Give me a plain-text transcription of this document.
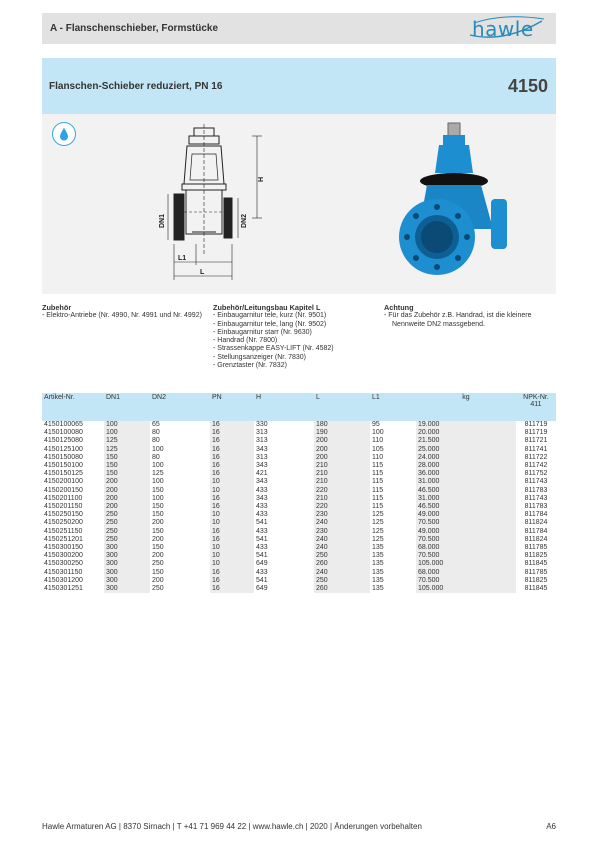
A - Flanschenschieber, Formstücke	hawle
Flanschen-Schieber reduziert, PN 16	4150
H
DN1	DN2
L1
L
Zubehör
- Elektro-Antriebe (Nr. 4990, Nr. 4991 und Nr. 4992)
Zubehör/Leitungsbau Kapitel L
- Einbaugarnitur tele, kurz (Nr. 9501)
- Einbaugarnitur tele, lang (Nr. 9502)
- Einbaugarnitur starr (Nr. 9630)
- Handrad (Nr. 7800)
- Strassenkappe EASY-LIFT (Nr. 4582)
- Stellungsanzeiger (Nr. 7830)
- Grenztaster (Nr. 7832)
Achtung
- Für das Zubehör z.B. Handrad, ist die kleinere Nennweite DN2 massgebend.
Artikel-Nr.	DN1	DN2	PN	H	L	L1	kg	NPK-Nr. 411
4150100065	100	65	16	330	180	95	19.000	811719
4150100080	100	80	16	313	190	100	20.000	811719
4150125080	125	80	16	313	200	110	21.500	811721
4150125100	125	100	16	343	200	105	25.000	811741
4150150080	150	80	16	313	200	110	24.000	811722
4150150100	150	100	16	343	210	115	28.000	811742
4150150125	150	125	16	421	210	115	36.000	811752
4150200100	200	100	10	343	210	115	31.000	811743
4150200150	200	150	10	433	220	115	46.500	811783
4150201100	200	100	16	343	210	115	31.000	811743
4150201150	200	150	16	433	220	115	46.500	811783
4150250150	250	150	10	433	230	125	49.000	811784
4150250200	250	200	10	541	240	125	70.500	811824
4150251150	250	150	16	433	230	125	49.000	811784
4150251201	250	200	16	541	240	125	70.500	811824
4150300150	300	150	10	433	240	135	68.000	811785
4150300200	300	200	10	541	250	135	70.500	811825
4150300250	300	250	10	649	260	135	105.000	811845
4150301150	300	150	16	433	240	135	68.000	811785
4150301200	300	200	16	541	250	135	70.500	811825
4150301251	300	250	16	649	260	135	105.000	811845
Hawle Armaturen AG | 8370 Sirnach | T +41 71 969 44 22 | www.hawle.ch | 2020 | Änderungen vorbehalten	A6
